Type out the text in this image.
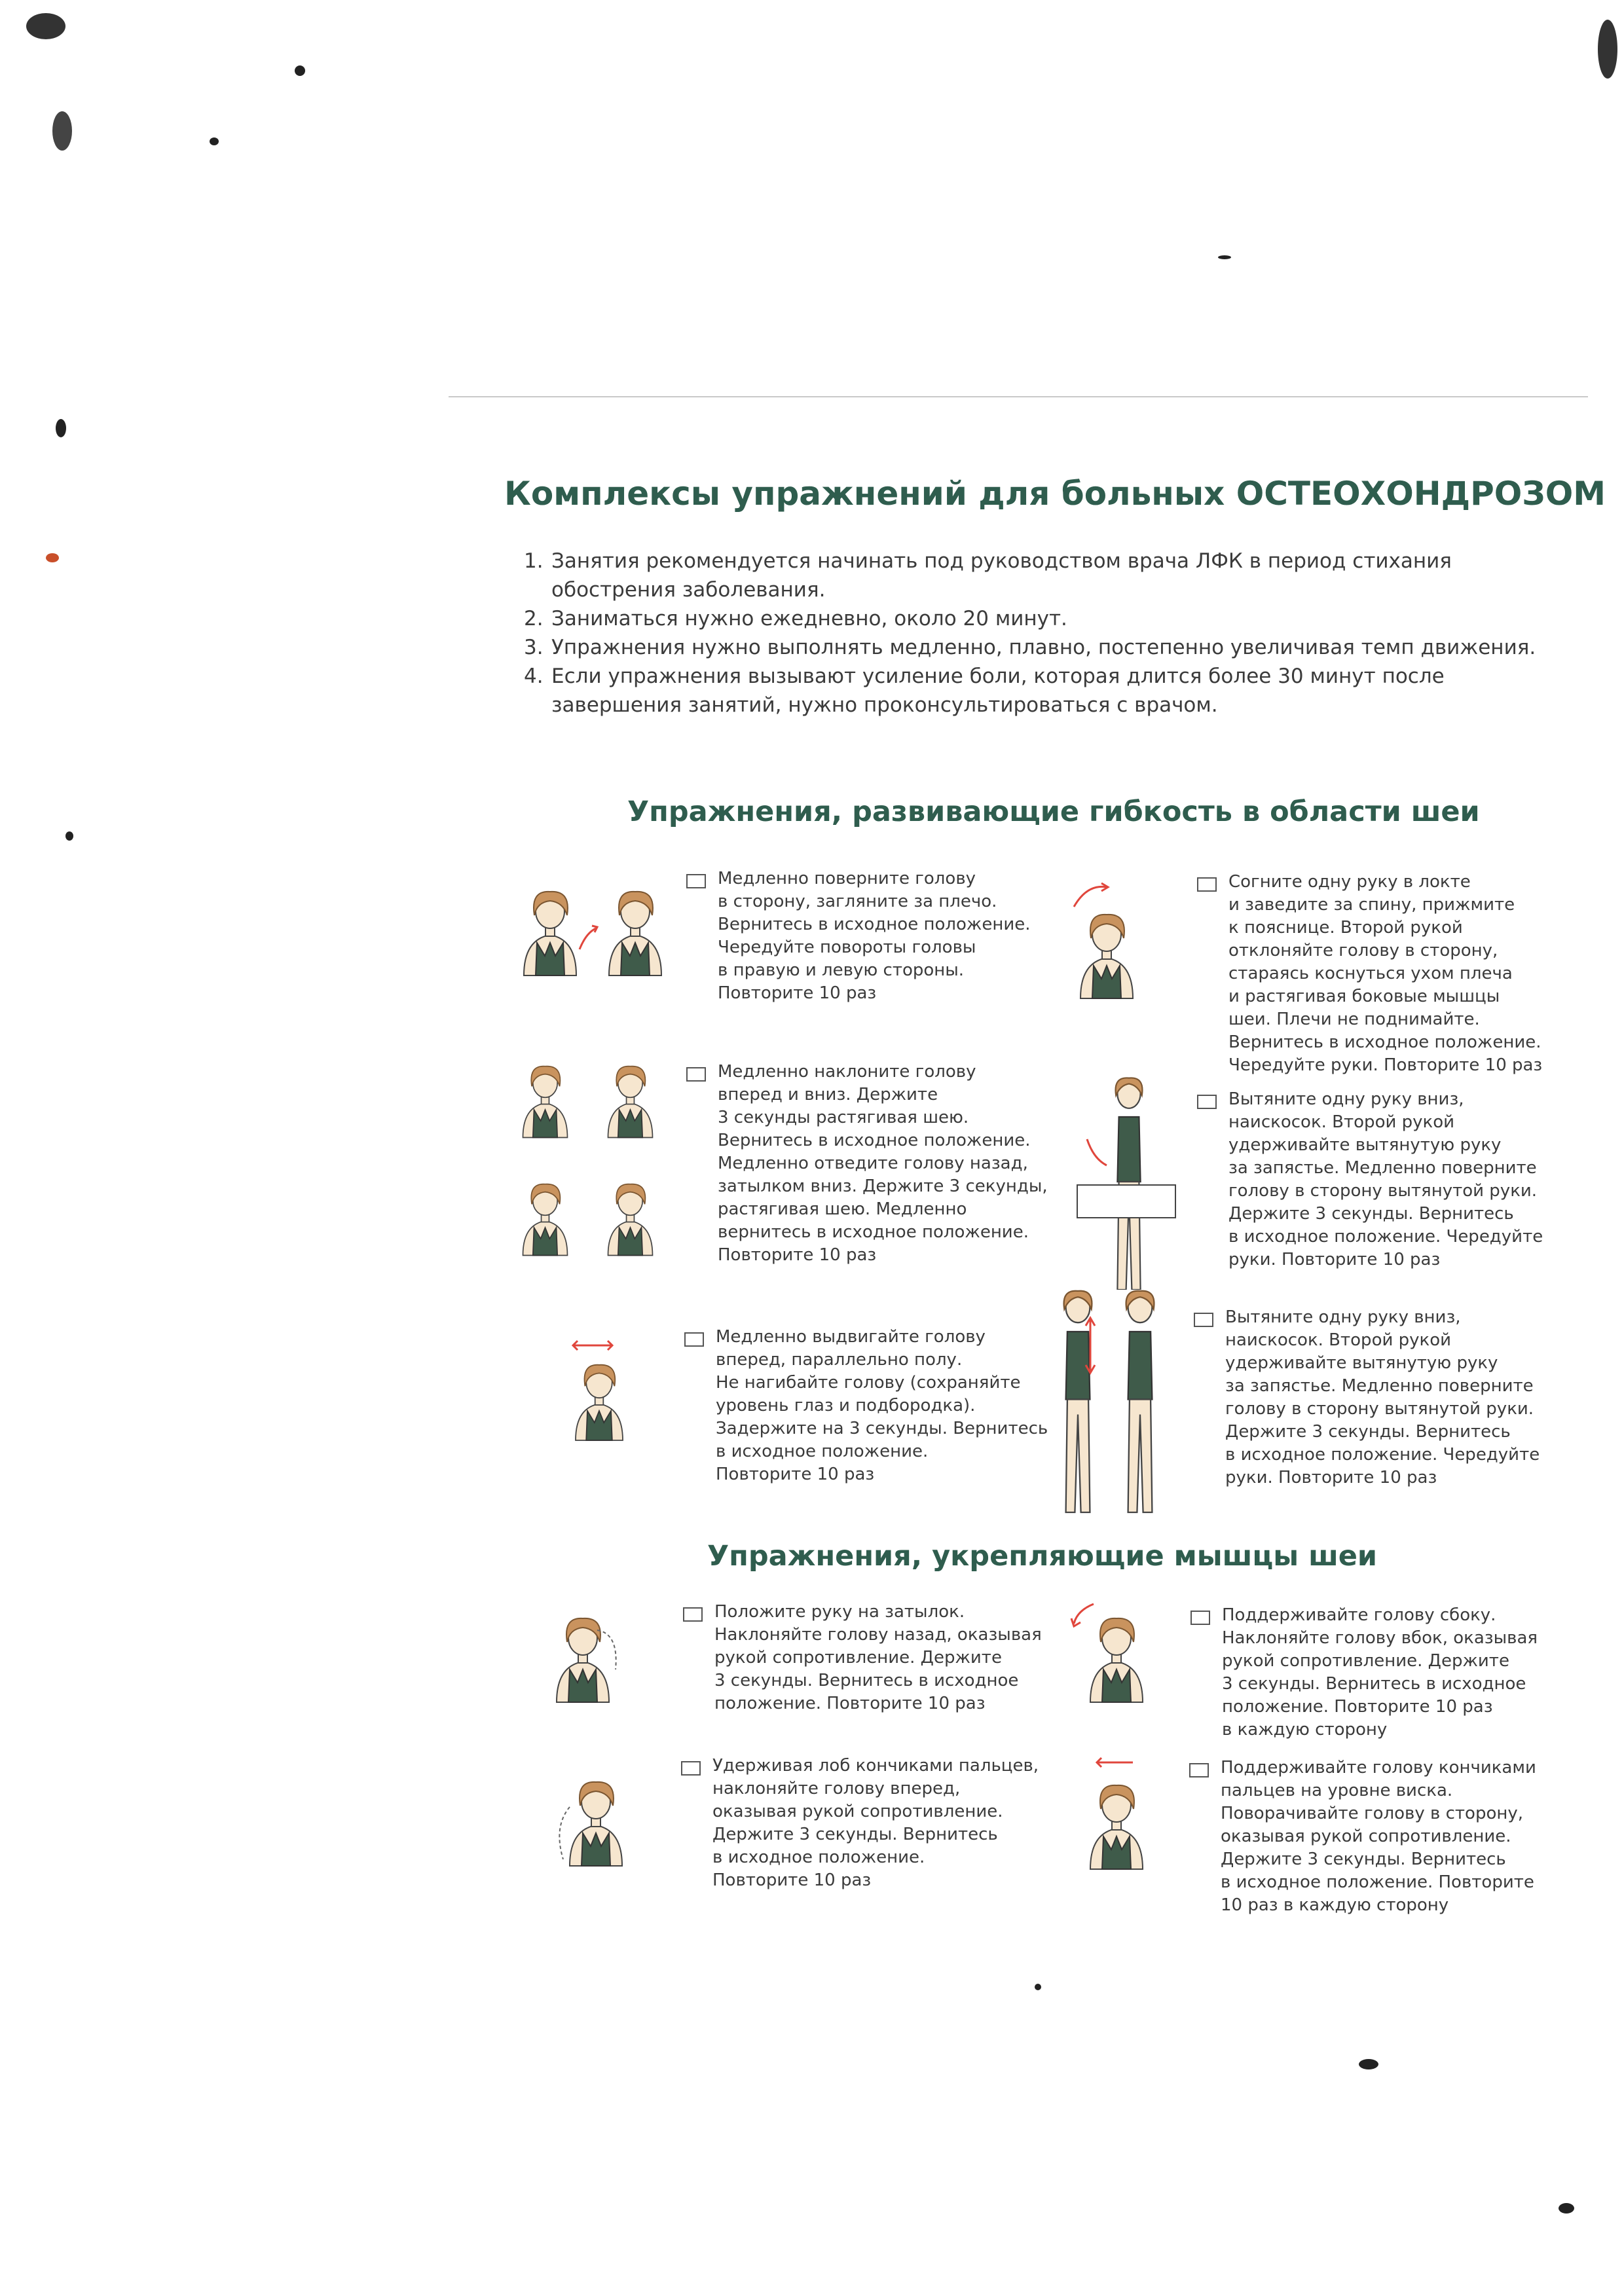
Комплексы упражнений для больных ОСТЕОХОНДРОЗОМ
1. Занятия рекомендуется начинать под руководством врача ЛФК в период стихания обострения заболевания.
2. Заниматься нужно ежедневно, около 20 минут.
3. Упражнения нужно выполнять медленно, плавно, постепенно увеличивая темп движения.
4. Если упражнения вызывают усиление боли, которая длится более 30 минут после завершения занятий, нужно проконсультироваться с врачом.
Упражнения, развивающие гибкость в области шеи
Медленно поверните голову
в сторону, загляните за плечо.
Вернитесь в исходное положение.
Чередуйте повороты головы
в правую и левую стороны.
Повторите 10 раз
Согните одну руку в локте
и заведите за спину, прижмите
к пояснице. Второй рукой
отклоняйте голову в сторону,
стараясь коснуться ухом плеча
и растягивая боковые мышцы
шеи. Плечи не поднимайте.
Вернитесь в исходное положение.
Чередуйте руки. Повторите 10 раз
Медленно наклоните голову
вперед и вниз. Держите
3 секунды растягивая шею.
Вернитесь в исходное положение.
Медленно отведите голову назад,
затылком вниз. Держите 3 секунды,
растягивая шею. Медленно
вернитесь в исходное положение.
Повторите 10 раз
Вытяните одну руку вниз,
наискосок. Второй рукой
удерживайте вытянутую руку
за запястье. Медленно поверните
голову в сторону вытянутой руки.
Держите 3 секунды. Вернитесь
в исходное положение. Чередуйте
руки. Повторите 10 раз
Медленно выдвигайте голову
вперед, параллельно полу.
Не нагибайте голову (сохраняйте
уровень глаз и подбородка).
Задержите на 3 секунды. Вернитесь
в исходное положение.
Повторите 10 раз
Вытяните одну руку вниз,
наискосок. Второй рукой
удерживайте вытянутую руку
за запястье. Медленно поверните
голову в сторону вытянутой руки.
Держите 3 секунды. Вернитесь
в исходное положение. Чередуйте
руки. Повторите 10 раз
Упражнения, укрепляющие мышцы шеи
Положите руку на затылок.
Наклоняйте голову назад, оказывая
рукой сопротивление. Держите
3 секунды. Вернитесь в исходное
положение. Повторите 10 раз
Поддерживайте голову сбоку.
Наклоняйте голову вбок, оказывая
рукой сопротивление. Держите
3 секунды. Вернитесь в исходное
положение. Повторите 10 раз
в каждую сторону
Удерживая лоб кончиками пальцев,
наклоняйте голову вперед,
оказывая рукой сопротивление.
Держите 3 секунды. Вернитесь
в исходное положение.
Повторите 10 раз
Поддерживайте голову кончиками
пальцев на уровне виска.
Поворачивайте голову в сторону,
оказывая рукой сопротивление.
Держите 3 секунды. Вернитесь
в исходное положение. Повторите
10 раз в каждую сторону
